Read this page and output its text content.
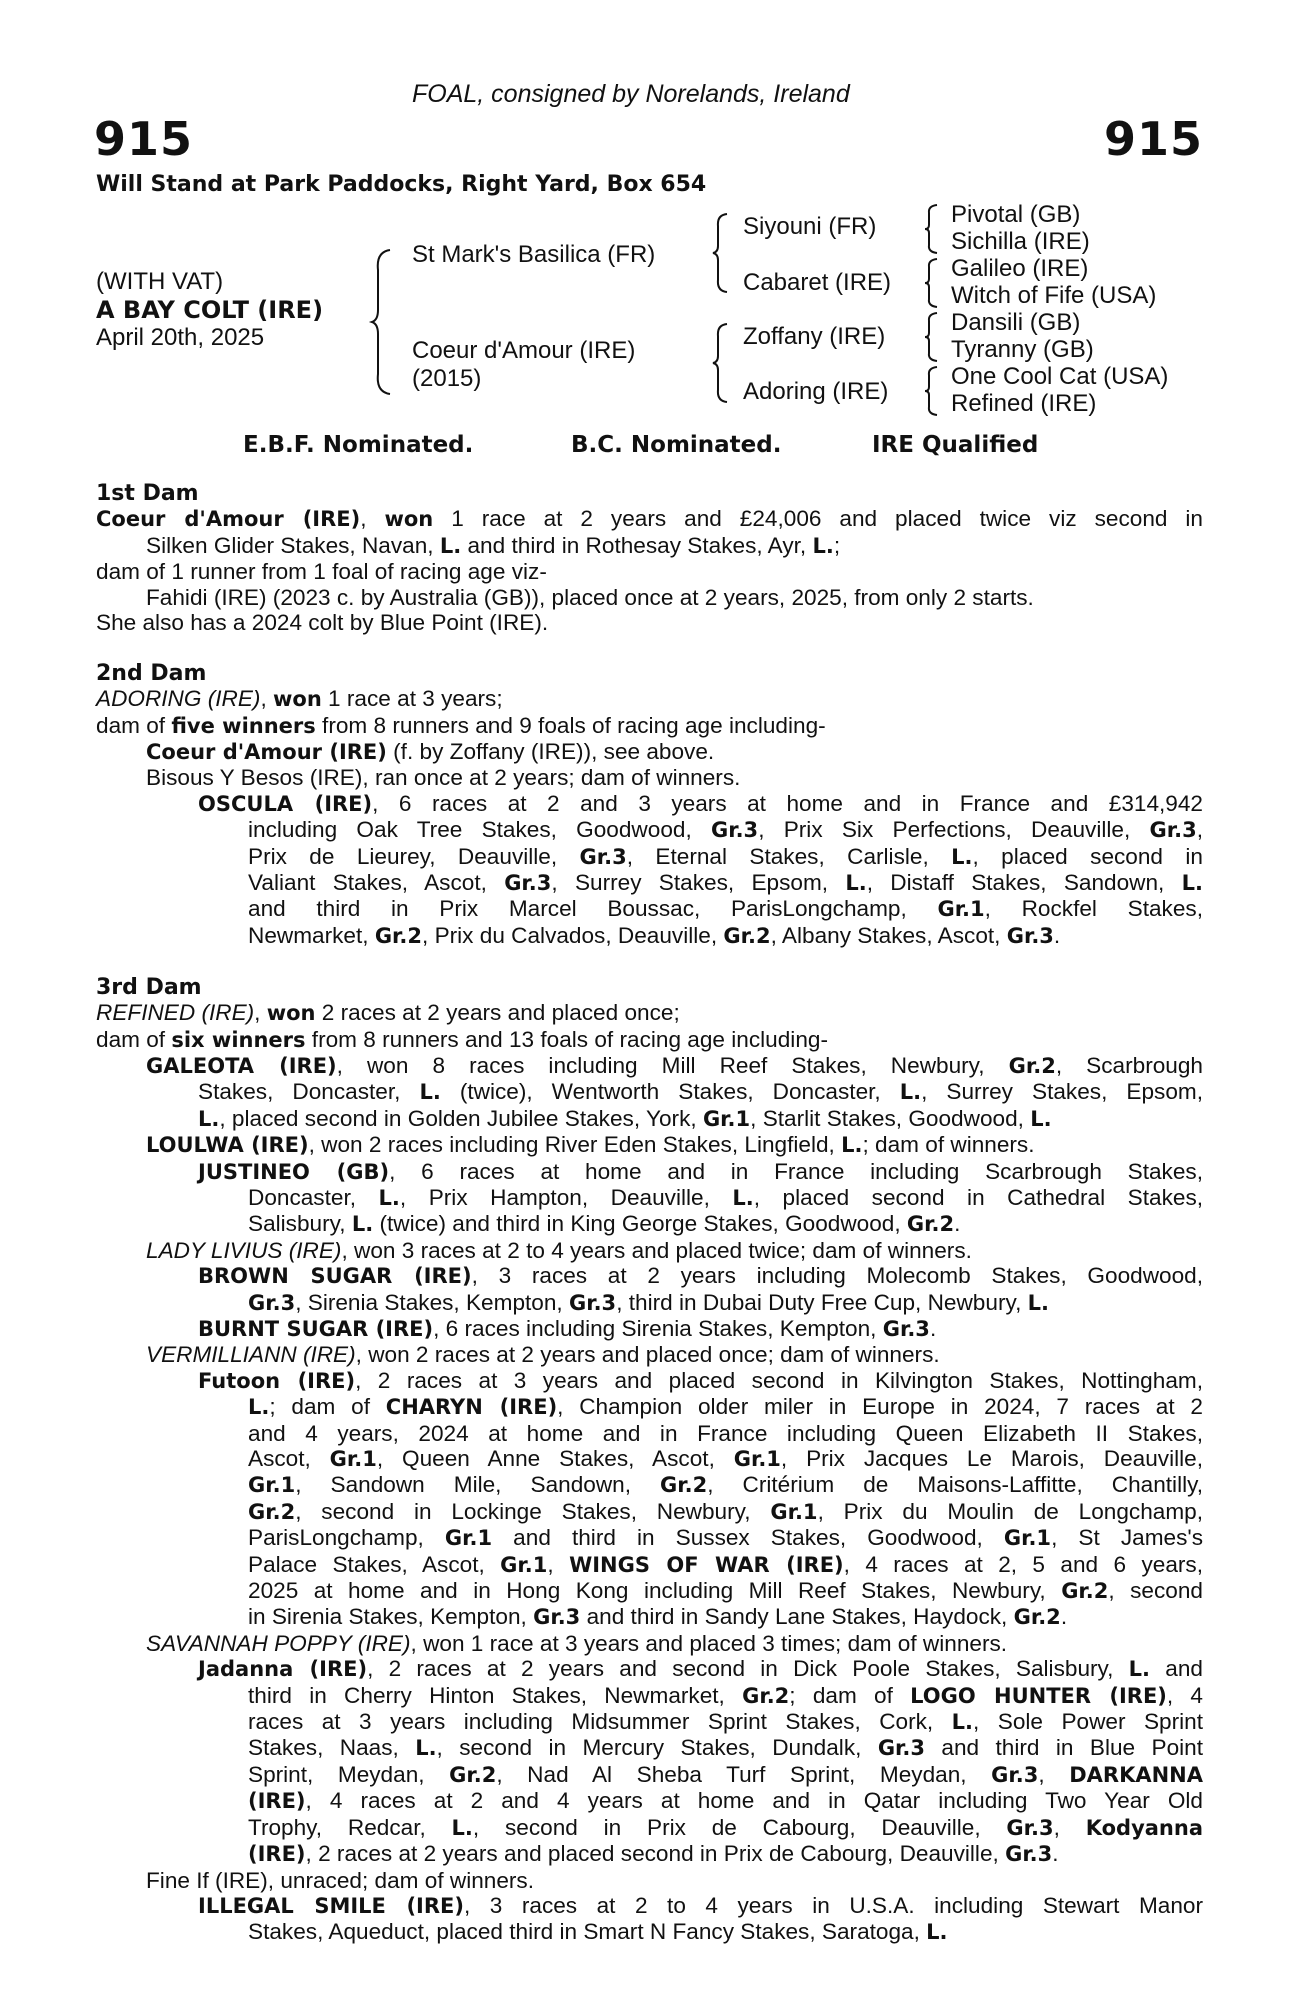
FOAL, consigned by Norelands, Ireland
915	915
Will Stand at Park Paddocks, Right Yard, Box 654
(WITH VAT)
A BAY COLT (IRE)
April 20th, 2025
St Mark's Basilica (FR)
Coeur d'Amour (IRE)
(2015)
Siyouni (FR)
Cabaret (IRE)
Zoffany (IRE)
Adoring (IRE)
Pivotal (GB)
Sichilla (IRE)
Galileo (IRE)
Witch of Fife (USA)
Dansili (GB)
Tyranny (GB)
One Cool Cat (USA)
Refined (IRE)
E.B.F. Nominated.	B.C. Nominated.	IRE Qualified
1st Dam
Coeur d'Amour (IRE), won 1 race at 2 years and £24,006 and placed twice viz second in
Silken Glider Stakes, Navan, L. and third in Rothesay Stakes, Ayr, L.;
dam of 1 runner from 1 foal of racing age viz-
Fahidi (IRE) (2023 c. by Australia (GB)), placed once at 2 years, 2025, from only 2 starts.
She also has a 2024 colt by Blue Point (IRE).
2nd Dam
ADORING (IRE), won 1 race at 3 years;
dam of five winners from 8 runners and 9 foals of racing age including-
Coeur d'Amour (IRE) (f. by Zoffany (IRE)), see above.
Bisous Y Besos (IRE), ran once at 2 years; dam of winners.
OSCULA (IRE), 6 races at 2 and 3 years at home and in France and £314,942
including Oak Tree Stakes, Goodwood, Gr.3, Prix Six Perfections, Deauville, Gr.3,
Prix de Lieurey, Deauville, Gr.3, Eternal Stakes, Carlisle, L., placed second in
Valiant Stakes, Ascot, Gr.3, Surrey Stakes, Epsom, L., Distaff Stakes, Sandown, L.
and third in Prix Marcel Boussac, ParisLongchamp, Gr.1, Rockfel Stakes,
Newmarket, Gr.2, Prix du Calvados, Deauville, Gr.2, Albany Stakes, Ascot, Gr.3.
3rd Dam
REFINED (IRE), won 2 races at 2 years and placed once;
dam of six winners from 8 runners and 13 foals of racing age including-
GALEOTA (IRE), won 8 races including Mill Reef Stakes, Newbury, Gr.2, Scarbrough
Stakes, Doncaster, L. (twice), Wentworth Stakes, Doncaster, L., Surrey Stakes, Epsom,
L., placed second in Golden Jubilee Stakes, York, Gr.1, Starlit Stakes, Goodwood, L.
LOULWA (IRE), won 2 races including River Eden Stakes, Lingfield, L.; dam of winners.
JUSTINEO (GB), 6 races at home and in France including Scarbrough Stakes,
Doncaster, L., Prix Hampton, Deauville, L., placed second in Cathedral Stakes,
Salisbury, L. (twice) and third in King George Stakes, Goodwood, Gr.2.
LADY LIVIUS (IRE), won 3 races at 2 to 4 years and placed twice; dam of winners.
BROWN SUGAR (IRE), 3 races at 2 years including Molecomb Stakes, Goodwood,
Gr.3, Sirenia Stakes, Kempton, Gr.3, third in Dubai Duty Free Cup, Newbury, L.
BURNT SUGAR (IRE), 6 races including Sirenia Stakes, Kempton, Gr.3.
VERMILLIANN (IRE), won 2 races at 2 years and placed once; dam of winners.
Futoon (IRE), 2 races at 3 years and placed second in Kilvington Stakes, Nottingham,
L.; dam of CHARYN (IRE), Champion older miler in Europe in 2024, 7 races at 2
and 4 years, 2024 at home and in France including Queen Elizabeth II Stakes,
Ascot, Gr.1, Queen Anne Stakes, Ascot, Gr.1, Prix Jacques Le Marois, Deauville,
Gr.1, Sandown Mile, Sandown, Gr.2, Critérium de Maisons-Laffitte, Chantilly,
Gr.2, second in Lockinge Stakes, Newbury, Gr.1, Prix du Moulin de Longchamp,
ParisLongchamp, Gr.1 and third in Sussex Stakes, Goodwood, Gr.1, St James's
Palace Stakes, Ascot, Gr.1, WINGS OF WAR (IRE), 4 races at 2, 5 and 6 years,
2025 at home and in Hong Kong including Mill Reef Stakes, Newbury, Gr.2, second
in Sirenia Stakes, Kempton, Gr.3 and third in Sandy Lane Stakes, Haydock, Gr.2.
SAVANNAH POPPY (IRE), won 1 race at 3 years and placed 3 times; dam of winners.
Jadanna (IRE), 2 races at 2 years and second in Dick Poole Stakes, Salisbury, L. and
third in Cherry Hinton Stakes, Newmarket, Gr.2; dam of LOGO HUNTER (IRE), 4
races at 3 years including Midsummer Sprint Stakes, Cork, L., Sole Power Sprint
Stakes, Naas, L., second in Mercury Stakes, Dundalk, Gr.3 and third in Blue Point
Sprint, Meydan, Gr.2, Nad Al Sheba Turf Sprint, Meydan, Gr.3, DARKANNA
(IRE), 4 races at 2 and 4 years at home and in Qatar including Two Year Old
Trophy, Redcar, L., second in Prix de Cabourg, Deauville, Gr.3, Kodyanna
(IRE), 2 races at 2 years and placed second in Prix de Cabourg, Deauville, Gr.3.
Fine If (IRE), unraced; dam of winners.
ILLEGAL SMILE (IRE), 3 races at 2 to 4 years in U.S.A. including Stewart Manor
Stakes, Aqueduct, placed third in Smart N Fancy Stakes, Saratoga, L.
